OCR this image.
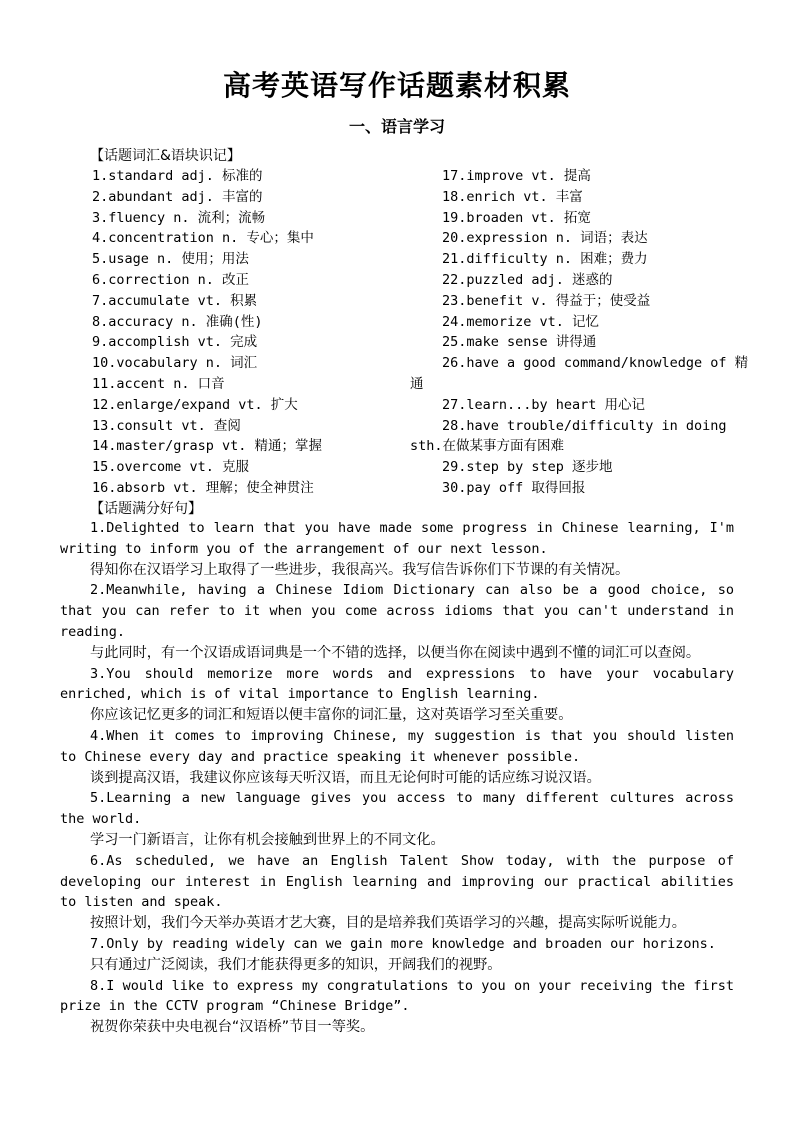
高考英语写作话题素材积累
一、语言学习
【话题词汇&语块识记】
1.standard adj. 标准的
2.abundant adj. 丰富的
3.fluency n. 流利；流畅
4.concentration n. 专心；集中
5.usage n. 使用；用法
6.correction n. 改正
7.accumulate vt. 积累
8.accuracy n. 准确(性)
9.accomplish vt. 完成
10.vocabulary n. 词汇
11.accent n. 口音
12.enlarge/expand vt. 扩大
13.consult vt. 查阅
14.master/grasp vt. 精通；掌握
15.overcome vt. 克服
16.absorb vt. 理解；使全神贯注
17.improve vt. 提高
18.enrich vt. 丰富
19.broaden vt. 拓宽
20.expression n. 词语；表达
21.difficulty n. 困难；费力
22.puzzled adj. 迷惑的
23.benefit v. 得益于；使受益
24.memorize vt. 记忆
25.make sense 讲得通
26.have a good command/knowledge of 精
通
27.learn...by heart 用心记
28.have trouble/difficulty in doing
sth.在做某事方面有困难
29.step by step 逐步地
30.pay off 取得回报
【话题满分好句】

1.Delighted to learn that you have made some progress in Chinese learning, I'm writing to inform you of the arrangement of our next lesson.

得知你在汉语学习上取得了一些进步，我很高兴。我写信告诉你们下节课的有关情况。

2.Meanwhile, having a Chinese Idiom Dictionary can also be a good choice, so that you can refer to it when you come across idioms that you can't understand in reading.

与此同时，有一个汉语成语词典是一个不错的选择，以便当你在阅读中遇到不懂的词汇可以查阅。

3.You should memorize more words and expressions to have your vocabulary enriched, which is of vital importance to English learning.

你应该记忆更多的词汇和短语以便丰富你的词汇量，这对英语学习至关重要。

4.When it comes to improving Chinese, my suggestion is that you should listen to Chinese every day and practice speaking it whenever possible.

谈到提高汉语，我建议你应该每天听汉语，而且无论何时可能的话应练习说汉语。

5.Learning a new language gives you access to many different cultures across the world.

学习一门新语言，让你有机会接触到世界上的不同文化。

6.As scheduled, we have an English Talent Show today, with the purpose of developing our interest in English learning and improving our practical abilities to listen and speak.

按照计划，我们今天举办英语才艺大赛，目的是培养我们英语学习的兴趣，提高实际听说能力。

7.Only by reading widely can we gain more knowledge and broaden our horizons.

只有通过广泛阅读，我们才能获得更多的知识，开阔我们的视野。

8.I would like to express my congratulations to you on your receiving the first prize in the CCTV program “Chinese Bridge”.

祝贺你荣获中央电视台“汉语桥”节目一等奖。
